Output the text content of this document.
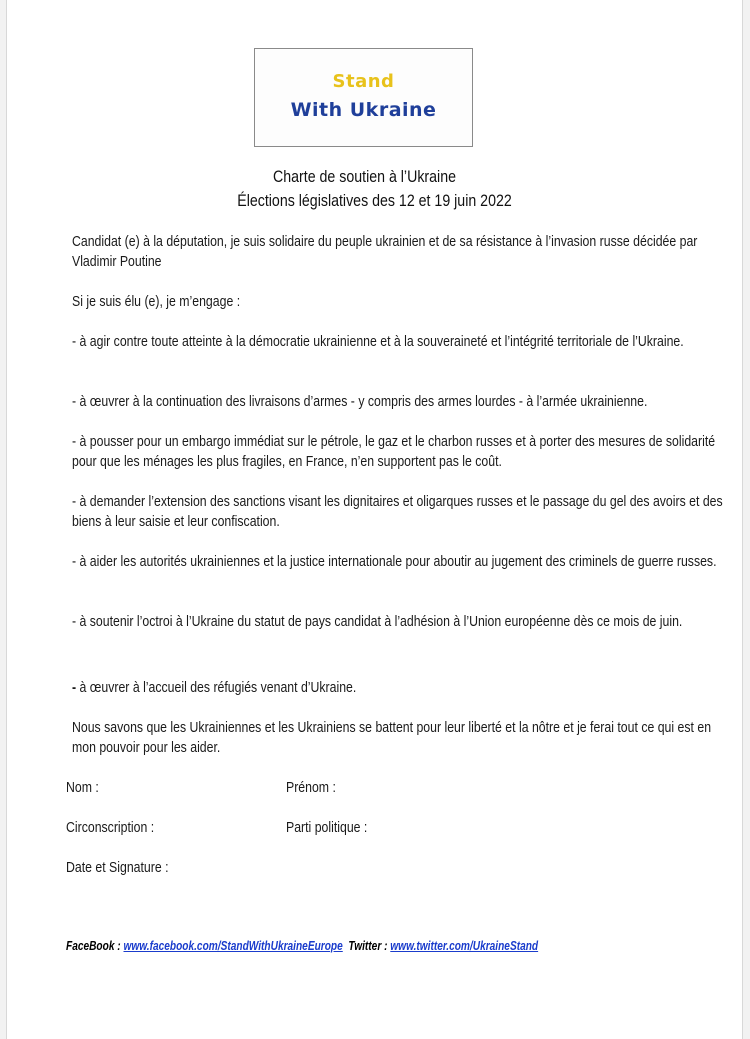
Stand
With Ukraine
Charte de soutien à l’Ukraine
Élections législatives des 12 et 19 juin 2022
Candidat (e) à la députation, je suis solidaire du peuple ukrainien et de sa résistance à l’invasion russe décidée par Vladimir Poutine
Si je suis élu (e), je m’engage :
- à agir contre toute atteinte à la démocratie ukrainienne et à la souveraineté et l’intégrité territoriale de l’Ukraine.
- à œuvrer à la continuation des livraisons d’armes - y compris des armes lourdes - à l’armée ukrainienne.
- à pousser pour un embargo immédiat sur le pétrole, le gaz et le charbon russes et à porter des mesures de solidarité pour que les ménages les plus fragiles, en France, n’en supportent pas le coût.
- à demander l’extension des sanctions visant les dignitaires et oligarques russes et le passage du gel des avoirs et des biens à leur saisie et leur confiscation.
- à aider les autorités ukrainiennes et la justice internationale pour aboutir au jugement des criminels de guerre russes.
- à soutenir l’octroi à l’Ukraine du statut de pays candidat à l’adhésion à l’Union européenne dès ce mois de juin.
- à œuvrer à l’accueil des réfugiés venant d’Ukraine.
Nous savons que les Ukrainiennes et les Ukrainiens se battent pour leur liberté et la nôtre et je ferai tout ce qui est en mon pouvoir pour les aider.
Nom :	Prénom :
Circonscription :	Parti politique :
Date et Signature :
FaceBook : www.facebook.com/StandWithUkraineEurope Twitter : www.twitter.com/UkraineStand
